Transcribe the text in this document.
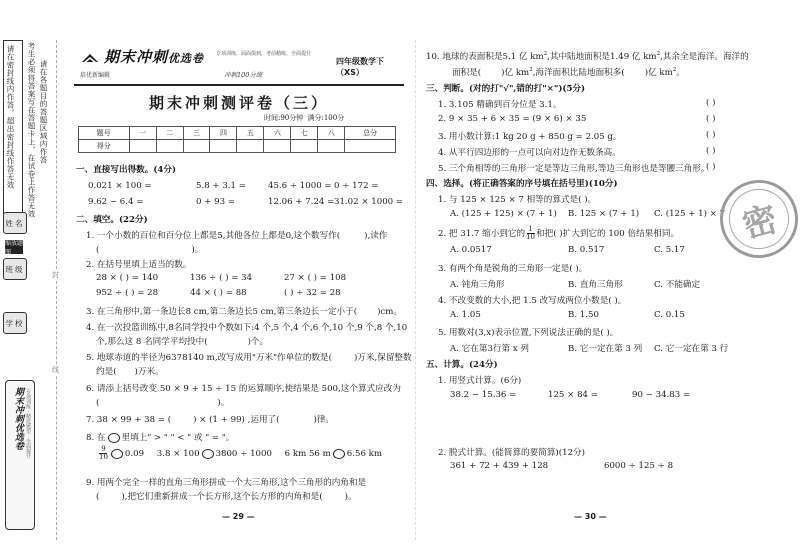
请在密封线内作答，超出密封线作答无效 考生必须将答案写在答题卡上，在试卷上作答无效 请在各题目的答题区域内作答
缩放题图
姓名
班级
学校
封
线
期末冲刺优选卷 专项训练 · 精选题型 · 全面提升
期末冲刺优选卷
培优新编辑
专项训练，面面俱到，考前精练，全面提升
四年级数学下（XS）
冲刺100分练
期末冲刺测评卷（三）
时间:90分钟 满分:100分
题号	一	二	三	四	五	六	七	八	总分
得分									
一、直接写出得数。(4分)
0.021 × 100 =	5.8 + 3.1 =	45.6 ÷ 1000 = 0 ÷ 172 =
9.62 − 6.4 =	0 + 93 =	12.06 + 7.24 = 31.02 × 1000 =
二、填空。(22分)
1. 一个小数的百位和百分位上都是5,其他各位上都是0,这个数写作(	),读作
(	)。
2. 在括号里填上适当的数。
28 × ( ) = 140	136 ÷ ( ) = 34	27 × ( ) = 108
952 ÷ ( ) = 28	44 × ( ) = 88	( ) ÷ 32 = 28
3. 在三角形中,第一条边长8 cm,第二条边长5 cm,第三条边长一定小于( )cm。
4. 在一次投篮训练中,8名同学投中个数如下:4 个,5 个,4 个,6 个,10 个,9 个,8 个,10
个,那么这 8 名同学平均投中(	)个。
5. 地球赤道的半径为6378140 m,改写成用"万米"作单位的数是(	)万米,保留整数
约是( )万米。
6. 请添上括号改变 50 × 9 + 15 ÷ 15 的运算顺序,使结果是 500,这个算式应改为
(	)。
7. 38 × 99 + 38 = (	) × (1 + 99) ,运用了(	)律。
8. 在 里填上" > " " < " 或 " = "。
$\frac{9}{10} 0.09$ 3.8 × 100 3800 ÷ 1000 6 km 56 m 6.56 km
9. 用两个完全一样的直角三角形拼成一个大三角形,这个三角形的内角和是
(	),把它们重新拼成一个长方形,这个长方形的内角和是(	)。
— 29 —
10. 地球的表面积是5.1 亿 $km^2$,其中陆地面积是1.49 亿 $km^2$,其余全是海洋。海洋的
面积是( )亿 $km^2$,海洋面积比陆地面积多( )亿 $km^2$。
三、判断。(对的打"√",错的打"×")(5分)
1. 3.105 精确到百分位是 3.1。	( )
2. 9 × 35 + 6 × 35 = (9 × 6) × 35	( )
3. 用小数计算:1 kg 20 g + 850 g = 2.05 g。	( )
4. 从平行四边形的一点可以向对边作无数条高。	( )
5. 三个角相等的三角形一定是等边三角形,等边三角形也是等腰三角形。
( )
四、选择。(将正确答案的序号填在括号里)(10分)
1. 与 125 × 125 × 7 相等的算式是( )。
A. (125 + 125) × (7 + 1) B. 125 × (7 + 1) C. (125 + 1) × 7
2. 把 31.7 缩小到它的 $\frac{1}{10}$ 和把( )扩大到它的 100 倍结果相同。
A. 0.0517	B. 0.517	C. 5.17
3. 有两个角是锐角的三角形一定是( )。
A. 钝角三角形	B. 直角三角形	C. 不能确定
4. 不改变数的大小,把 1.5 改写成两位小数是( )。
A. 1.05	B. 1.50	C. 0.15
5. 用数对(3,x)表示位置,下列说法正确的是( )。
A. 它在第3行第 x 列	B. 它一定在第 3 列 C. 它一定在第 3 行
五、计算。(24分)
1. 用竖式计算。(6分)
38.2 − 15.36 =	125 × 84 =	90 − 34.83 =
2. 脱式计算。(能简算的要简算)(12分)
361 + 72 + 439 + 128	6000 ÷ 125 ÷ 8
— 30 —
密
